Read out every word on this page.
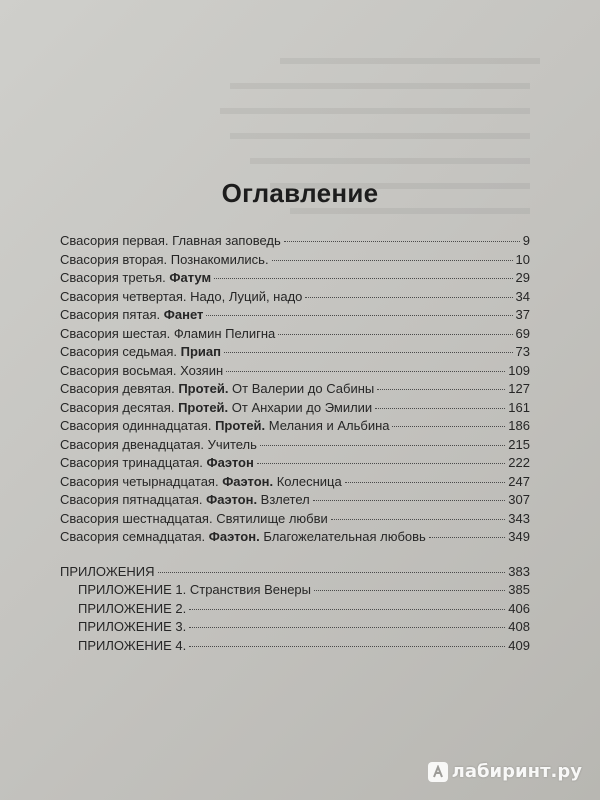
Оглавление
Свасория первая. Главная заповедь	9
Свасория вторая. Познакомились.	10
Свасория третья. Фатум	29
Свасория четвертая. Надо, Луций, надо	34
Свасория пятая. Фанет	37
Свасория шестая. Фламин Пелигна	69
Свасория седьмая. Приап	73
Свасория восьмая. Хозяин	109
Свасория девятая. Протей. От Валерии до Сабины	127
Свасория десятая. Протей. От Анхарии до Эмилии	161
Свасория одиннадцатая. Протей. Мелания и Альбина	186
Свасория двенадцатая. Учитель	215
Свасория тринадцатая. Фаэтон	222
Свасория четырнадцатая. Фаэтон. Колесница	247
Свасория пятнадцатая. Фаэтон. Взлетел	307
Свасория шестнадцатая. Святилище любви	343
Свасория семнадцатая. Фаэтон. Благожелательная любовь	349
ПРИЛОЖЕНИЯ	383
ПРИЛОЖЕНИЕ 1. Странствия Венеры	385
ПРИЛОЖЕНИЕ 2.	406
ПРИЛОЖЕНИЕ 3.	408
ПРИЛОЖЕНИЕ 4.	409
лабиринт.ру
